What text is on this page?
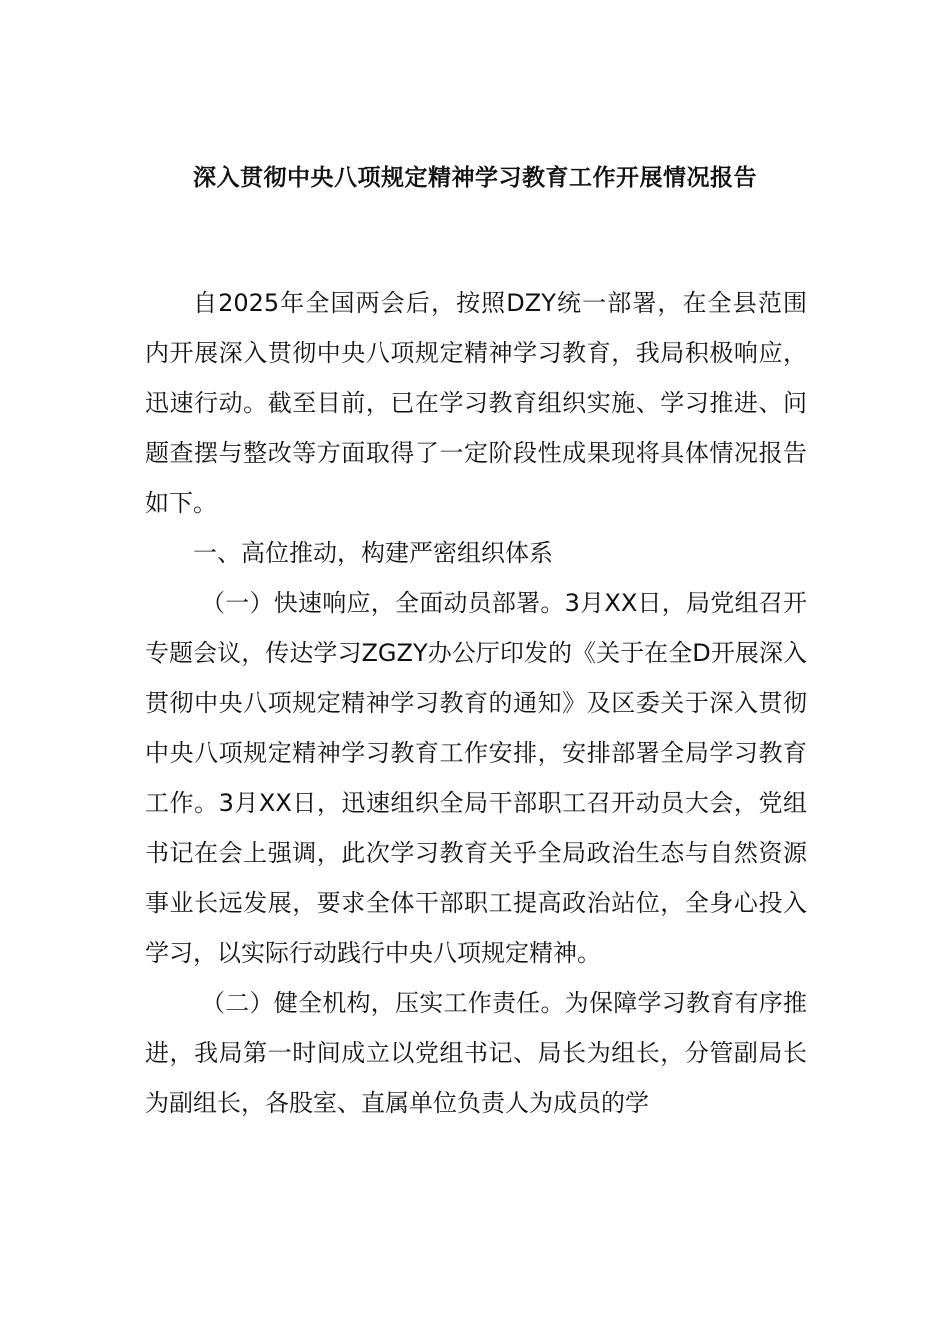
深入贯彻中央八项规定精神学习教育工作开展情况报告

自2025年全国两会后，按照DZY统一部署，在全县范围内开展深入贯彻中央八项规定精神学习教育，我局积极响应，迅速行动。截至目前，已在学习教育组织实施、学习推进、问题查摆与整改等方面取得了一定阶段性成果现将具体情况报告如下。

一、高位推动，构建严密组织体系

（一）快速响应，全面动员部署。3月XX日，局党组召开专题会议，传达学习ZGZY办公厅印发的《关于在全D开展深入贯彻中央八项规定精神学习教育的通知》及区委关于深入贯彻中央八项规定精神学习教育工作安排，安排部署全局学习教育工作。3月XX日，迅速组织全局干部职工召开动员大会，党组书记在会上强调，此次学习教育关乎全局政治生态与自然资源事业长远发展，要求全体干部职工提高政治站位，全身心投入学习，以实际行动践行中央八项规定精神。

（二）健全机构，压实工作责任。为保障学习教育有序推进，我局第一时间成立以党组书记、局长为组长，分管副局长为副组长，各股室、直属单位负责人为成员的学
